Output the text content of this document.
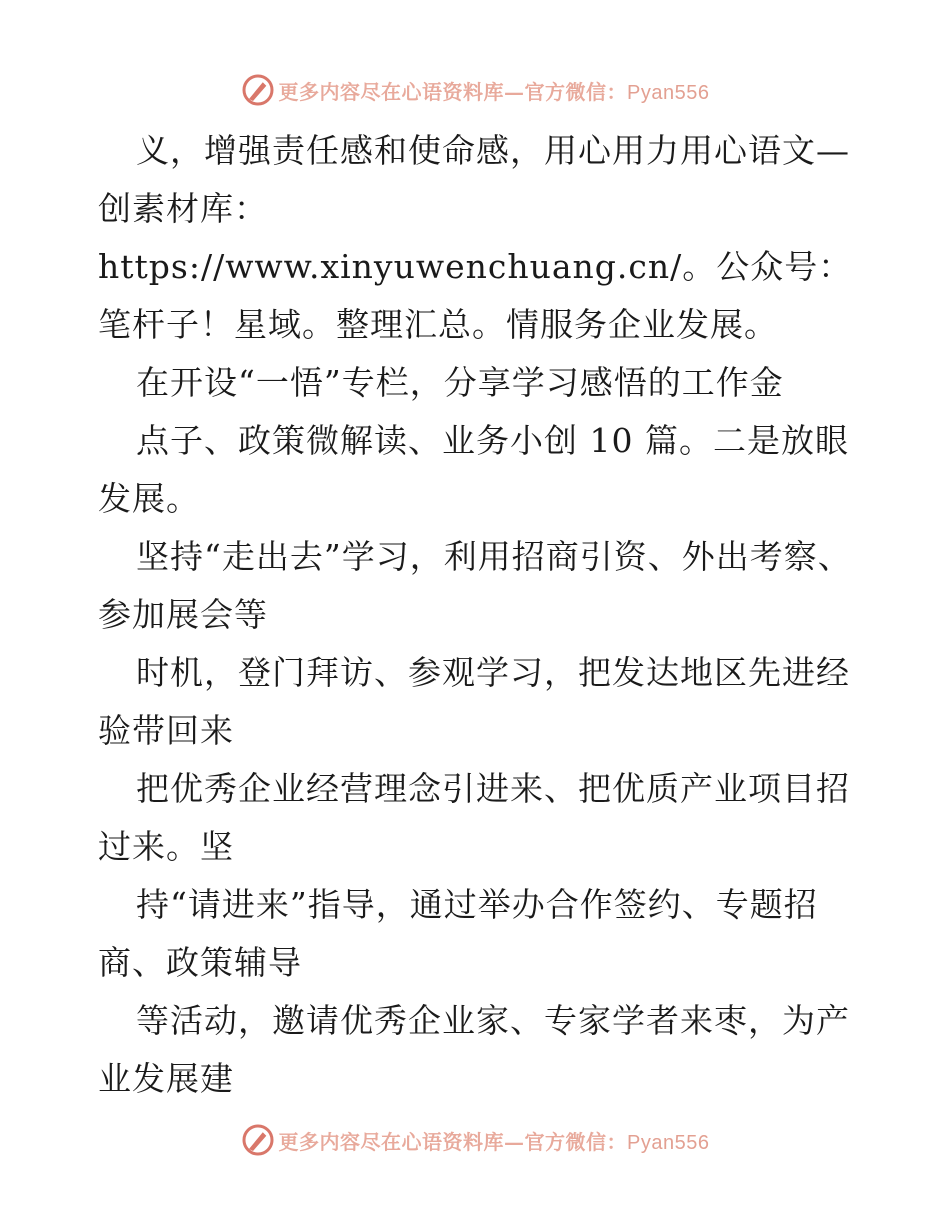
更多内容尽在心语资料库—官方微信：Pyan556

义，增强责任感和使命感，用心用力用心语文—创素材库：https://www.xinyuwenchuang.cn/。公众号：笔杆子！星域。整理汇总。情服务企业发展。

在开设“一悟”专栏，分享学习感悟的工作金

点子、政策微解读、业务小创 10 篇。二是放眼发展。

坚持“走出去”学习，利用招商引资、外出考察、参加展会等

时机，登门拜访、参观学习，把发达地区先进经验带回来

把优秀企业经营理念引进来、把优质产业项目招过来。坚

持“请进来”指导，通过举办合作签约、专题招商、政策辅导

等活动，邀请优秀企业家、专家学者来枣，为产业发展建

更多内容尽在心语资料库—官方微信：Pyan556
